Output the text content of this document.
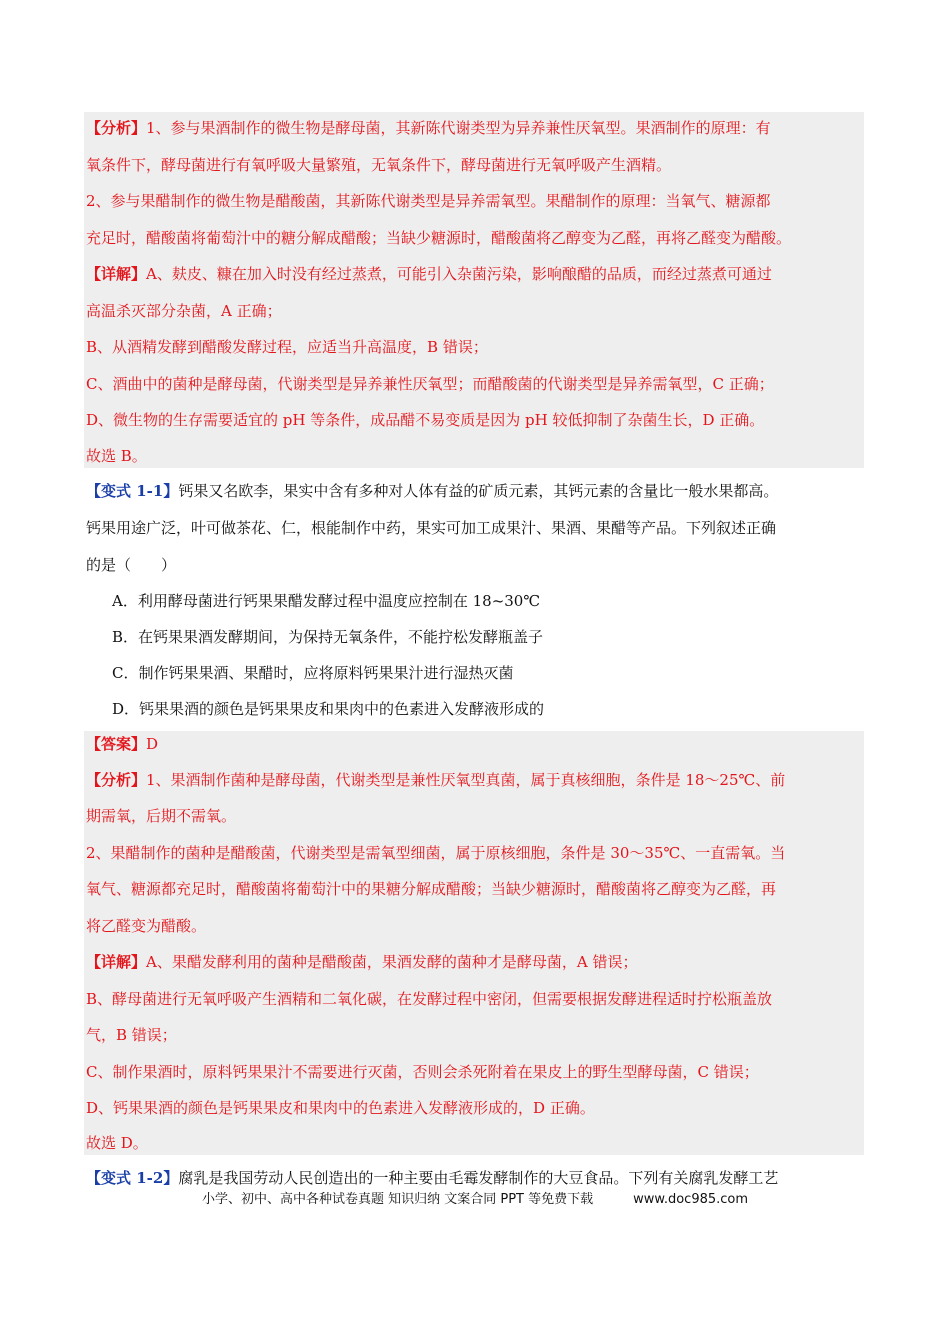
【分析】1、参与果酒制作的微生物是酵母菌，其新陈代谢类型为异养兼性厌氧型。果酒制作的原理：有
氧条件下，酵母菌进行有氧呼吸大量繁殖，无氧条件下，酵母菌进行无氧呼吸产生酒精。
2、参与果醋制作的微生物是醋酸菌，其新陈代谢类型是异养需氧型。果醋制作的原理：当氧气、糖源都
充足时，醋酸菌将葡萄汁中的糖分解成醋酸；当缺少糖源时，醋酸菌将乙醇变为乙醛，再将乙醛变为醋酸。
【详解】A、麸皮、糠在加入时没有经过蒸煮，可能引入杂菌污染，影响酿醋的品质，而经过蒸煮可通过
高温杀灭部分杂菌，A 正确；
B、从酒精发酵到醋酸发酵过程，应适当升高温度，B 错误；
C、酒曲中的菌种是酵母菌，代谢类型是异养兼性厌氧型；而醋酸菌的代谢类型是异养需氧型，C 正确；
D、微生物的生存需要适宜的 pH 等条件，成品醋不易变质是因为 pH 较低抑制了杂菌生长，D 正确。
故选 B。
【变式 1-1】钙果又名欧李，果实中含有多种对人体有益的矿质元素，其钙元素的含量比一般水果都高。
钙果用途广泛，叶可做茶花、仁，根能制作中药，果实可加工成果汁、果酒、果醋等产品。下列叙述正确
的是（　　）
A．利用酵母菌进行钙果果醋发酵过程中温度应控制在 18~30℃
B．在钙果果酒发酵期间，为保持无氧条件，不能拧松发酵瓶盖子
C．制作钙果果酒、果醋时，应将原料钙果果汁进行湿热灭菌
D．钙果果酒的颜色是钙果果皮和果肉中的色素进入发酵液形成的
【答案】D
【分析】1、果酒制作菌种是酵母菌，代谢类型是兼性厌氧型真菌，属于真核细胞，条件是 18～25℃、前
期需氧，后期不需氧。
2、果醋制作的菌种是醋酸菌，代谢类型是需氧型细菌，属于原核细胞，条件是 30～35℃、一直需氧。当
氧气、糖源都充足时，醋酸菌将葡萄汁中的果糖分解成醋酸；当缺少糖源时，醋酸菌将乙醇变为乙醛，再
将乙醛变为醋酸。
【详解】A、果醋发酵利用的菌种是醋酸菌，果酒发酵的菌种才是酵母菌，A 错误；
B、酵母菌进行无氧呼吸产生酒精和二氧化碳，在发酵过程中密闭，但需要根据发酵进程适时拧松瓶盖放
气，B 错误；
C、制作果酒时，原料钙果果汁不需要进行灭菌，否则会杀死附着在果皮上的野生型酵母菌，C 错误；
D、钙果果酒的颜色是钙果果皮和果肉中的色素进入发酵液形成的，D 正确。
故选 D。
【变式 1-2】腐乳是我国劳动人民创造出的一种主要由毛霉发酵制作的大豆食品。下列有关腐乳发酵工艺
小学、初中、高中各种试卷真题 知识归纳 文案合同 PPT 等免费下载	www.doc985.com
